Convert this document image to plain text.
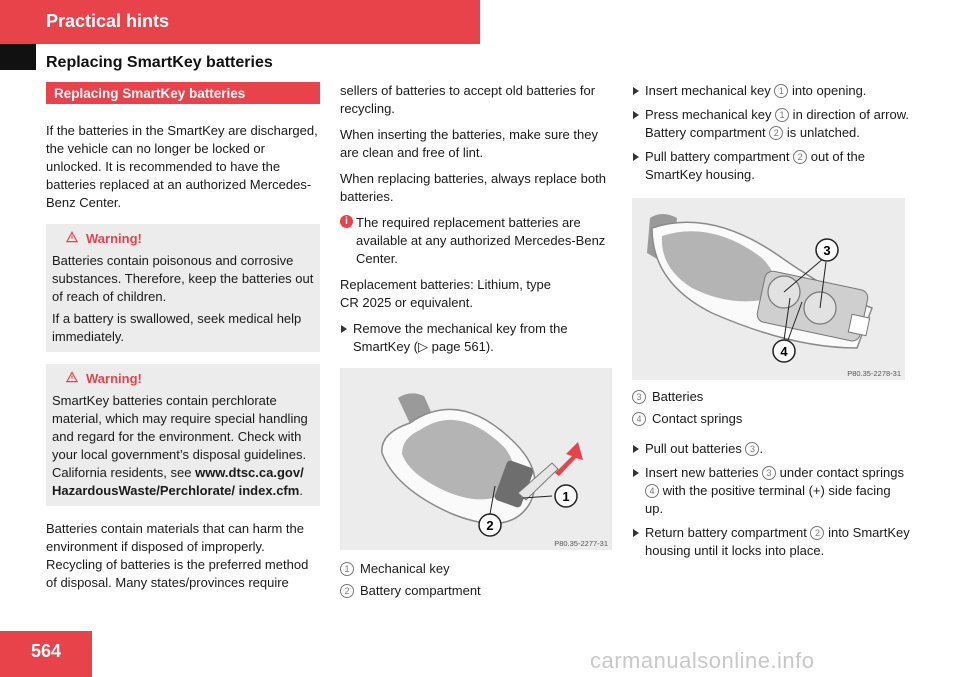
Practical hints
Replacing SmartKey batteries
Replacing SmartKey batteries

If the batteries in the SmartKey are discharged, the vehicle can no longer be locked or unlocked. It is recommended to have the batteries replaced at an authorized Mercedes-Benz Center.

Warning!

Batteries contain poisonous and corrosive substances. Therefore, keep the batteries out of reach of children.

If a battery is swallowed, seek medical help immediately.

Warning!

SmartKey batteries contain perchlorate material, which may require special handling and regard for the environment. Check with your local government’s disposal guidelines. California residents, see www.dtsc.ca.gov/ HazardousWaste/Perchlorate/ index.cfm.

Batteries contain materials that can harm the environment if disposed of improperly. Recycling of batteries is the preferred method of disposal. Many states/provinces require

sellers of batteries to accept old batteries for recycling.

When inserting the batteries, make sure they are clean and free of lint.

When replacing batteries, always replace both batteries.

i The required replacement batteries are available at any authorized Mercedes-Benz Center.

Replacement batteries: Lithium, type
CR 2025 or equivalent.

Remove the mechanical key from the SmartKey (▷ page 561).
1
2
P80.35-2277-31
1 Mechanical key
2 Battery compartment
Insert mechanical key 1 into opening.
Press mechanical key 1 in direction of arrow.
Battery compartment 2 is unlatched.
Pull battery compartment 2 out of the SmartKey housing.
3
4
P80.35-2278-31
3 Batteries
4 Contact springs
Pull out batteries 3 .
Insert new batteries 3 under contact springs 4 with the positive terminal (+) side facing up.
Return battery compartment 2 into SmartKey housing until it locks into place.
564	carmanualsonline.info
